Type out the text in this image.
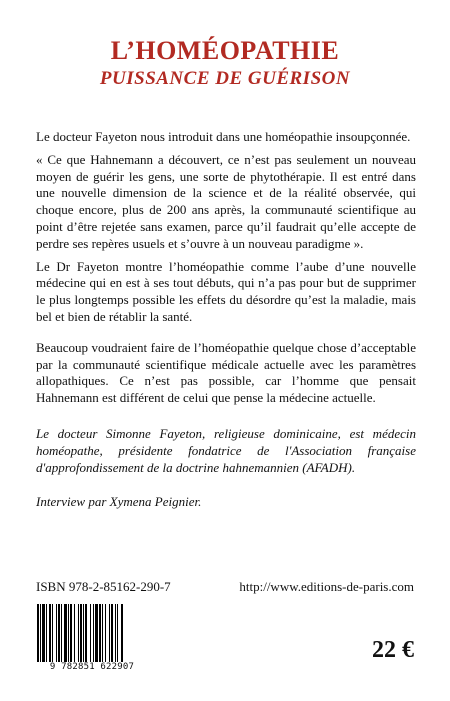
L’HOMÉOPATHIE
PUISSANCE DE GUÉRISON

Le docteur Fayeton nous introduit dans une homéopathie insoupçonnée.

« Ce que Hahnemann a découvert, ce n’est pas seulement un nouveau moyen de guérir les gens, une sorte de phytothérapie. Il est entré dans une nouvelle dimension de la science et de la réalité observée, qui choque encore, plus de 200 ans après, la communauté scientifique au point d’être rejetée sans examen, parce qu’il faudrait qu’elle accepte de perdre ses repères usuels et s’ouvre à un nouveau paradigme ».

Le Dr Fayeton montre l’homéopathie comme l’aube d’une nouvelle médecine qui en est à ses tout débuts, qui n’a pas pour but de supprimer le plus longtemps possible les effets du désordre qu’est la maladie, mais bel et bien de rétablir la santé.

Beaucoup voudraient faire de l’homéopathie quelque chose d’acceptable par la communauté scientifique médicale actuelle avec les paramètres allopathiques. Ce n’est pas possible, car l’homme que pensait Hahnemann est différent de celui que pense la médecine actuelle.

Le docteur Simonne Fayeton, religieuse dominicaine, est médecin homéopathe, présidente fondatrice de l'Association française d'approfondissement de la doctrine hahnemannien (AFADH).

Interview par Xymena Peignier.

ISBN 978-2-85162-290-7	http://www.editions-de-paris.com
9 782851 622907
22 €
